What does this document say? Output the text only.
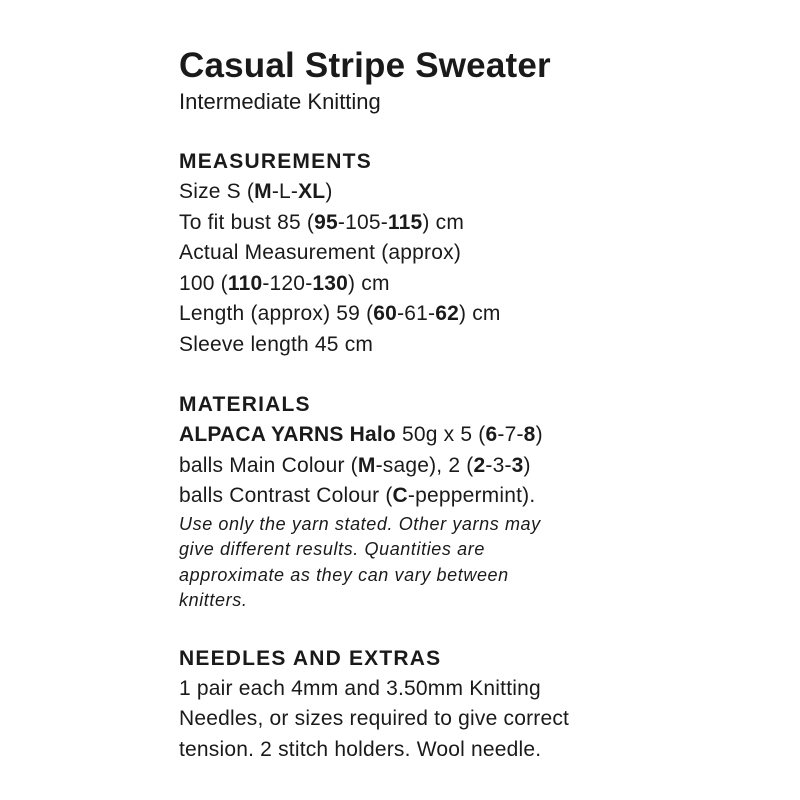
Casual Stripe Sweater

Intermediate Knitting

MEASUREMENTS

Size S (M-L-XL)

To fit bust 85 (95-105-115) cm

Actual Measurement (approx)

100 (110-120-130) cm

Length (approx) 59 (60-61-62) cm

Sleeve length 45 cm

MATERIALS

ALPACA YARNS Halo 50g x 5 (6-7-8)

balls Main Colour (M-sage), 2 (2-3-3)

balls Contrast Colour (C-peppermint).

Use only the yarn stated. Other yarns may

give different results. Quantities are

approximate as they can vary between

knitters.

NEEDLES AND EXTRAS

1 pair each 4mm and 3.50mm Knitting

Needles, or sizes required to give correct

tension. 2 stitch holders. Wool needle.
